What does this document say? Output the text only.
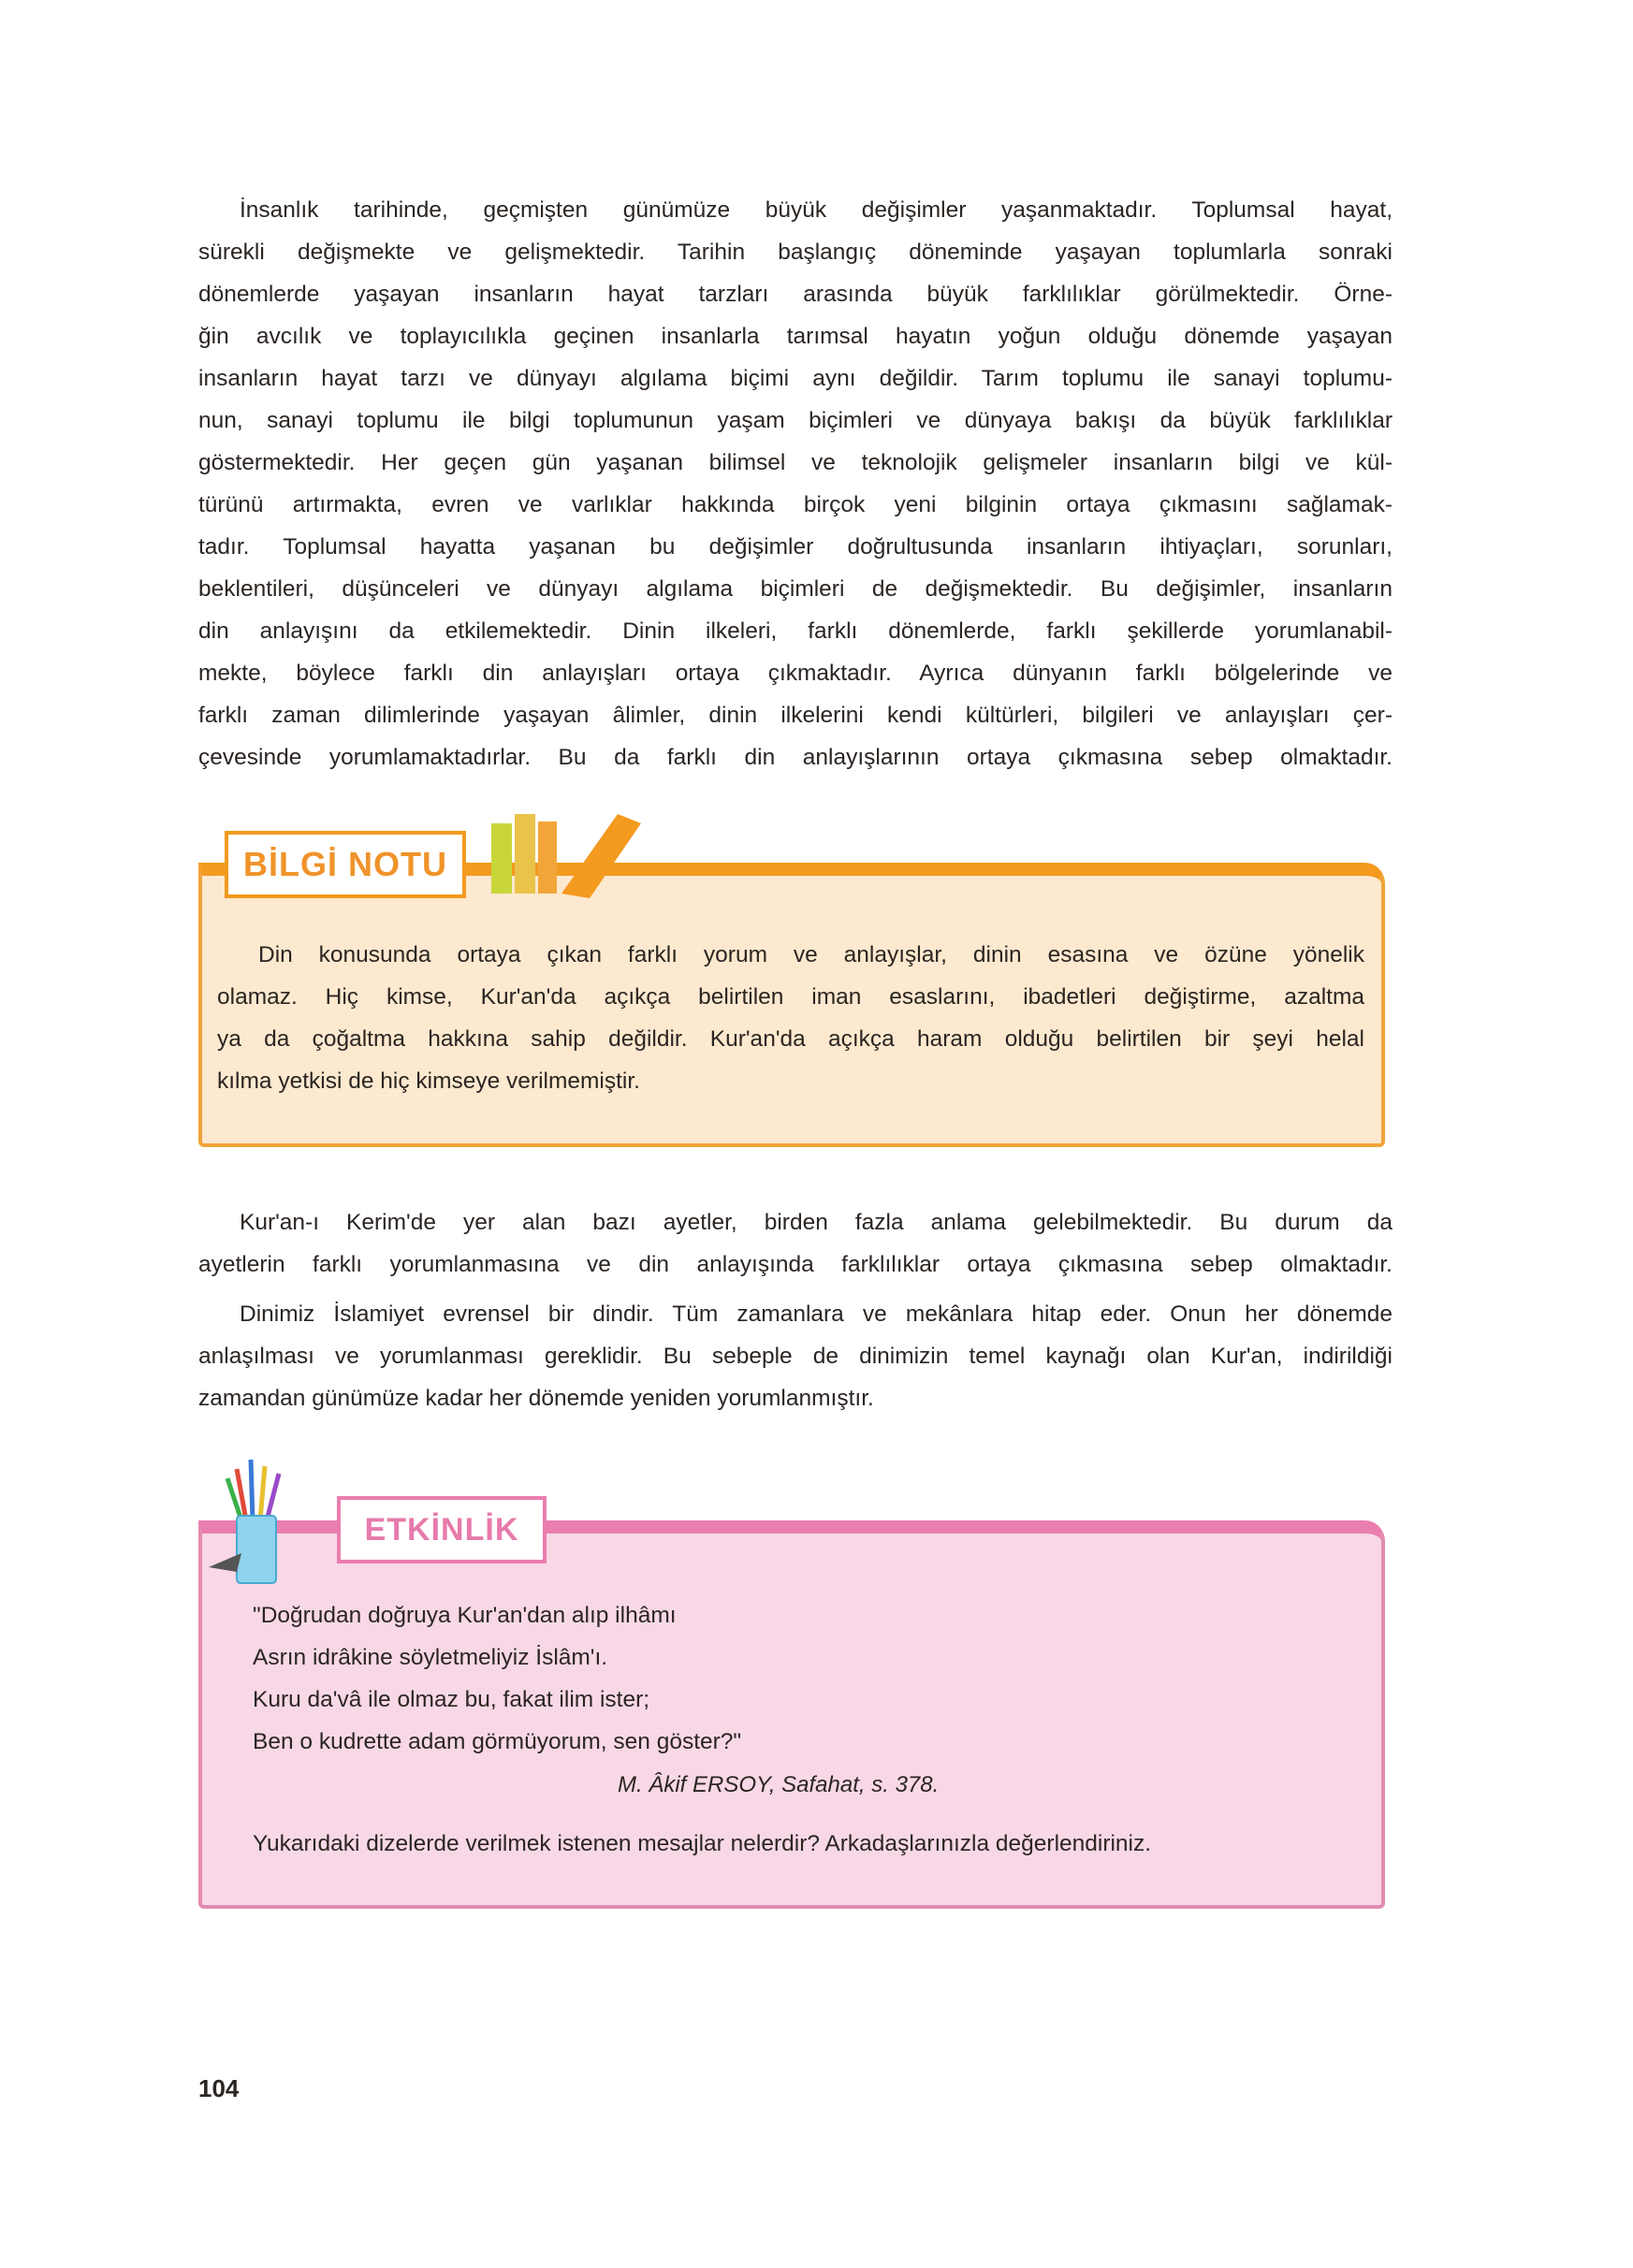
İnsanlık tarihinde, geçmişten günümüze büyük değişimler yaşanmaktadır. Toplumsal hayat,
sürekli değişmekte ve gelişmektedir. Tarihin başlangıç döneminde yaşayan toplumlarla sonraki
dönemlerde yaşayan insanların hayat tarzları arasında büyük farklılıklar görülmektedir. Örne-
ğin avcılık ve toplayıcılıkla geçinen insanlarla tarımsal hayatın yoğun olduğu dönemde yaşayan
insanların hayat tarzı ve dünyayı algılama biçimi aynı değildir. Tarım toplumu ile sanayi toplumu-
nun, sanayi toplumu ile bilgi toplumunun yaşam biçimleri ve dünyaya bakışı da büyük farklılıklar
göstermektedir. Her geçen gün yaşanan bilimsel ve teknolojik gelişmeler insanların bilgi ve kül-
türünü artırmakta, evren ve varlıklar hakkında birçok yeni bilginin ortaya çıkmasını sağlamak-
tadır. Toplumsal hayatta yaşanan bu değişimler doğrultusunda insanların ihtiyaçları, sorunları,
beklentileri, düşünceleri ve dünyayı algılama biçimleri de değişmektedir. Bu değişimler, insanların
din anlayışını da etkilemektedir. Dinin ilkeleri, farklı dönemlerde, farklı şekillerde yorumlanabil-
mekte, böylece farklı din anlayışları ortaya çıkmaktadır. Ayrıca dünyanın farklı bölgelerinde ve
farklı zaman dilimlerinde yaşayan âlimler, dinin ilkelerini kendi kültürleri, bilgileri ve anlayışları çer-
çevesinde yorumlamaktadırlar. Bu da farklı din anlayışlarının ortaya çıkmasına sebep olmaktadır.
BİLGİ NOTU
Din konusunda ortaya çıkan farklı yorum ve anlayışlar, dinin esasına ve özüne yönelik
olamaz. Hiç kimse, Kur'an'da açıkça belirtilen iman esaslarını, ibadetleri değiştirme, azaltma
ya da çoğaltma hakkına sahip değildir. Kur'an'da açıkça haram olduğu belirtilen bir şeyi helal
kılma yetkisi de hiç kimseye verilmemiştir.
Kur'an-ı Kerim'de yer alan bazı ayetler, birden fazla anlama gelebilmektedir. Bu durum da
ayetlerin farklı yorumlanmasına ve din anlayışında farklılıklar ortaya çıkmasına sebep olmaktadır.
Dinimiz İslamiyet evrensel bir dindir. Tüm zamanlara ve mekânlara hitap eder. Onun her dönemde
anlaşılması ve yorumlanması gereklidir. Bu sebeple de dinimizin temel kaynağı olan Kur'an, indirildiği
zamandan günümüze kadar her dönemde yeniden yorumlanmıştır.
ETKİNLİK
"Doğrudan doğruya Kur'an'dan alıp ilhâmı
Asrın idrâkine söyletmeliyiz İslâm'ı.
Kuru da'vâ ile olmaz bu, fakat ilim ister;
Ben o kudrette adam görmüyorum, sen göster?"
M. Âkif ERSOY, Safahat, s. 378.
Yukarıdaki dizelerde verilmek istenen mesajlar nelerdir? Arkadaşlarınızla değerlendiriniz.
104
